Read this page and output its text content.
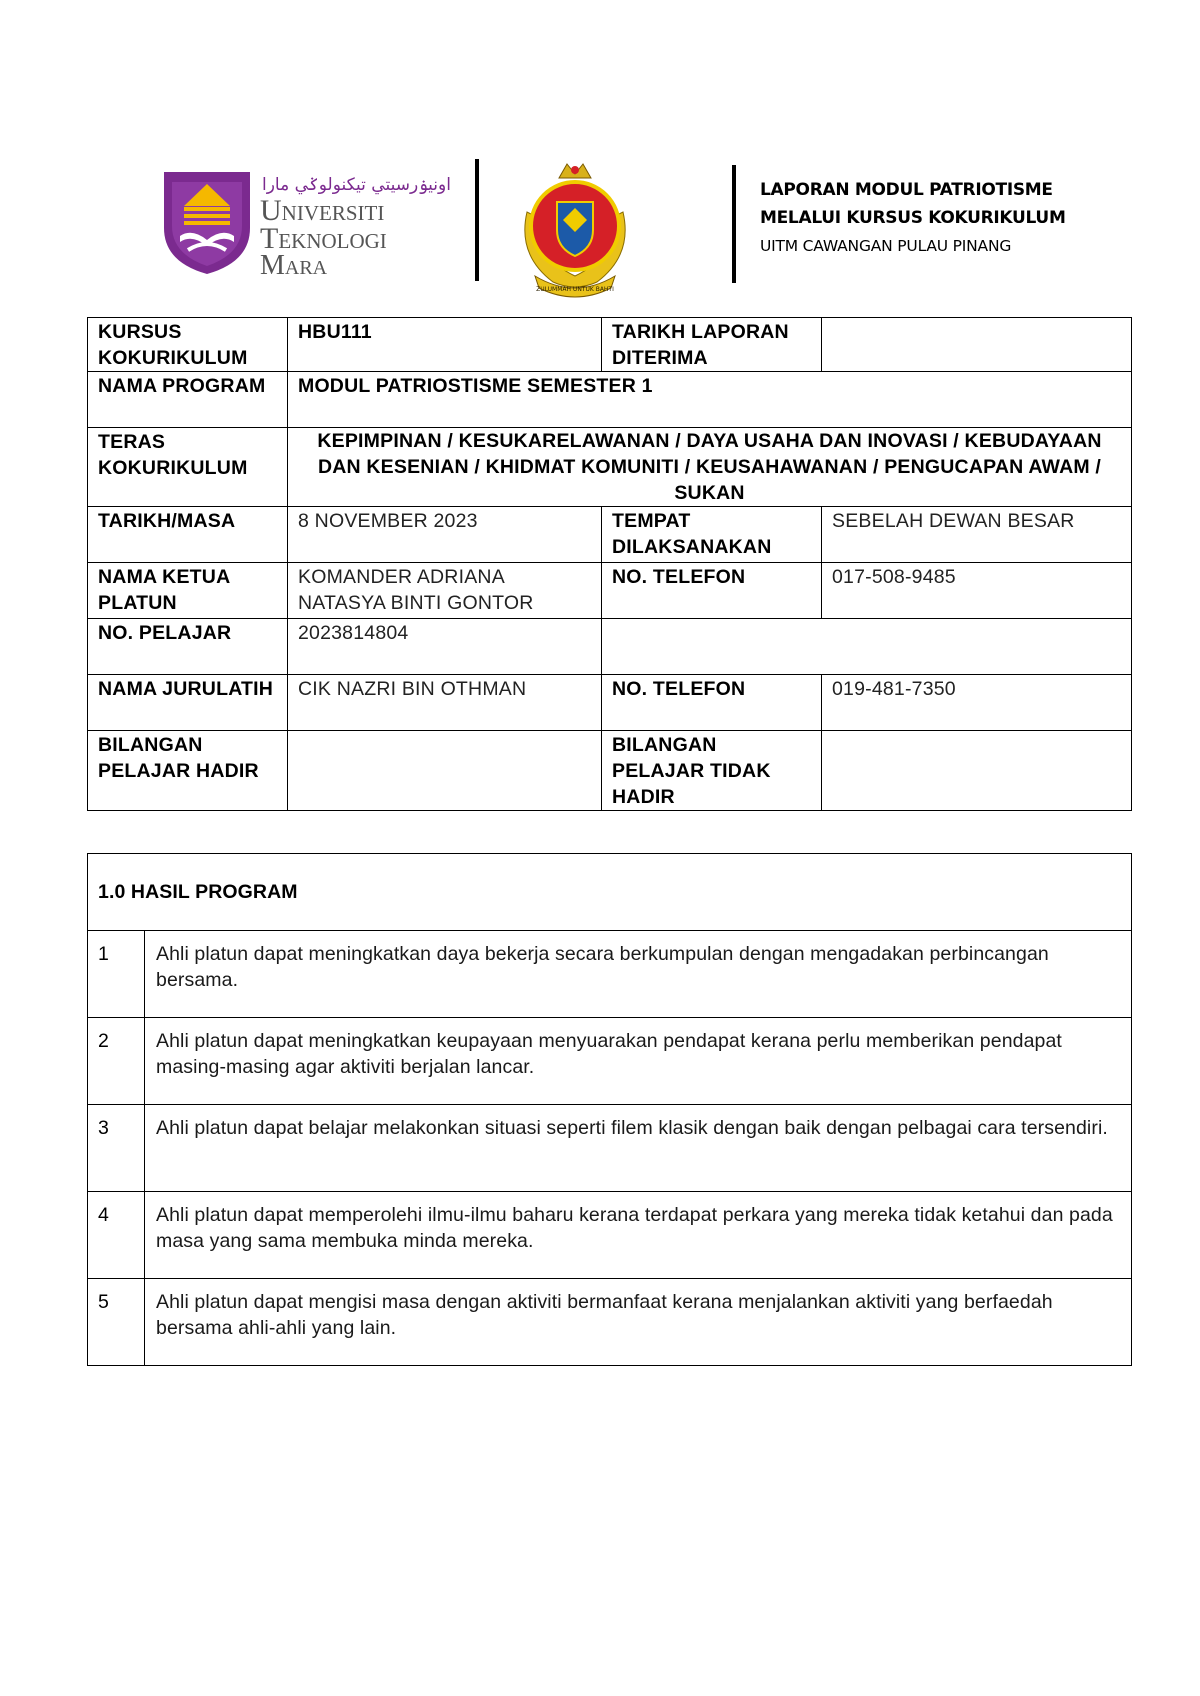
اونيۏرسيتي تيكنولوݢي مارا
Universiti
Teknologi
Mara
ZULUMMAH UNTUK BAHTI
LAPORAN MODUL PATRIOTISME
MELALUI KURSUS KOKURIKULUM
UITM CAWANGAN PULAU PINANG
KURSUS KOKURIKULUM	HBU111	TARIKH LAPORAN DITERIMA	
NAMA PROGRAM	MODUL PATRIOSTISME SEMESTER 1		
TERAS KOKURIKULUM	KEPIMPINAN / KESUKARELAWANAN / DAYA USAHA DAN INOVASI / KEBUDAYAAN DAN KESENIAN / KHIDMAT KOMUNITI / KEUSAHAWANAN / PENGUCAPAN AWAM / SUKAN		
TARIKH/MASA	8 NOVEMBER 2023	TEMPAT DILAKSANAKAN	SEBELAH DEWAN BESAR
NAMA KETUA PLATUN	KOMANDER ADRIANA NATASYA BINTI GONTOR	NO. TELEFON	017-508-9485
NO. PELAJAR	2023814804		
NAMA JURULATIH	CIK NAZRI BIN OTHMAN	NO. TELEFON	019-481-7350
BILANGAN PELAJAR HADIR		BILANGAN PELAJAR TIDAK HADIR	
1.0 HASIL PROGRAM	
1	Ahli platun dapat meningkatkan daya bekerja secara berkumpulan dengan mengadakan perbincangan bersama.
2	Ahli platun dapat meningkatkan keupayaan menyuarakan pendapat kerana perlu memberikan pendapat masing-masing agar aktiviti berjalan lancar.
3	Ahli platun dapat belajar melakonkan situasi seperti filem klasik dengan baik dengan pelbagai cara tersendiri.
4	Ahli platun dapat memperolehi ilmu-ilmu baharu kerana terdapat perkara yang mereka tidak ketahui dan pada masa yang sama membuka minda mereka.
5	Ahli platun dapat mengisi masa dengan aktiviti bermanfaat kerana menjalankan aktiviti yang berfaedah bersama ahli-ahli yang lain.
